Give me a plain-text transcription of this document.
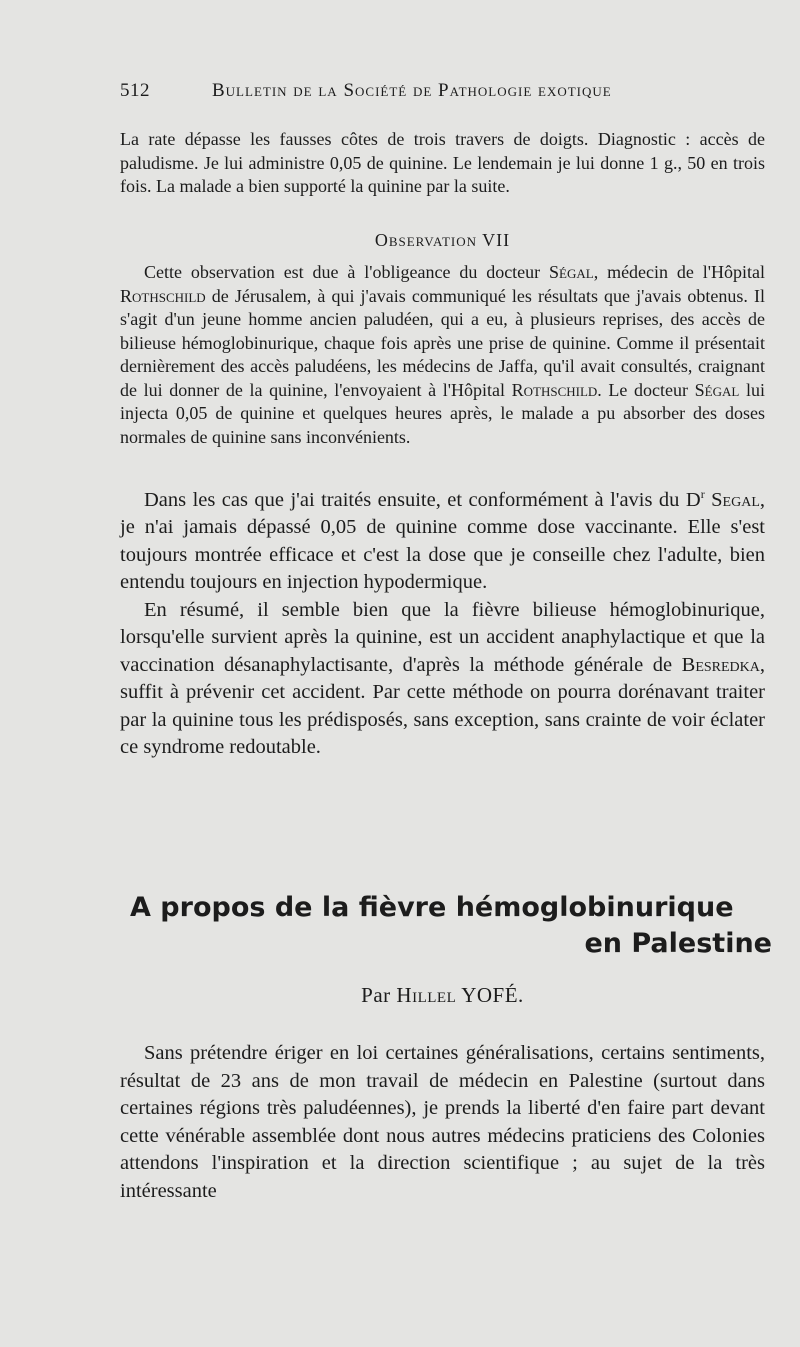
512	Bulletin de la Société de Pathologie exotique

La rate dépasse les fausses côtes de trois travers de doigts. Diagnostic : accès de paludisme. Je lui administre 0,05 de quinine. Le lendemain je lui donne 1 g., 50 en trois fois. La malade a bien supporté la quinine par la suite.

Observation VII

Cette observation est due à l'obligeance du docteur Ségal, médecin de l'Hôpital Rothschild de Jérusalem, à qui j'avais communiqué les résultats que j'avais obtenus. Il s'agit d'un jeune homme ancien paludéen, qui a eu, à plusieurs reprises, des accès de bilieuse hémoglobinurique, chaque fois après une prise de quinine. Comme il présentait dernièrement des accès paludéens, les médecins de Jaffa, qu'il avait consultés, craignant de lui donner de la quinine, l'envoyaient à l'Hôpital Rothschild. Le docteur Ségal lui injecta 0,05 de quinine et quelques heures après, le malade a pu absorber des doses normales de quinine sans inconvénients.

Dans les cas que j'ai traités ensuite, et conformément à l'avis du $D^r$ Segal, je n'ai jamais dépassé 0,05 de quinine comme dose vaccinante. Elle s'est toujours montrée efficace et c'est la dose que je conseille chez l'adulte, bien entendu toujours en injection hypodermique.

En résumé, il semble bien que la fièvre bilieuse hémoglobinurique, lorsqu'elle survient après la quinine, est un accident anaphylactique et que la vaccination désanaphylactisante, d'après la méthode générale de Besredka, suffit à prévenir cet accident. Par cette méthode on pourra dorénavant traiter par la quinine tous les prédisposés, sans exception, sans crainte de voir éclater ce syndrome redoutable.

A propos de la fièvre hémoglobinurique
en Palestine
Par Hillel YOFÉ.

Sans prétendre ériger en loi certaines généralisations, certains sentiments, résultat de 23 ans de mon travail de médecin en Palestine (surtout dans certaines régions très paludéennes), je prends la liberté d'en faire part devant cette vénérable assemblée dont nous autres médecins praticiens des Colonies attendons l'inspiration et la direction scientifique ; au sujet de la très intéressante
